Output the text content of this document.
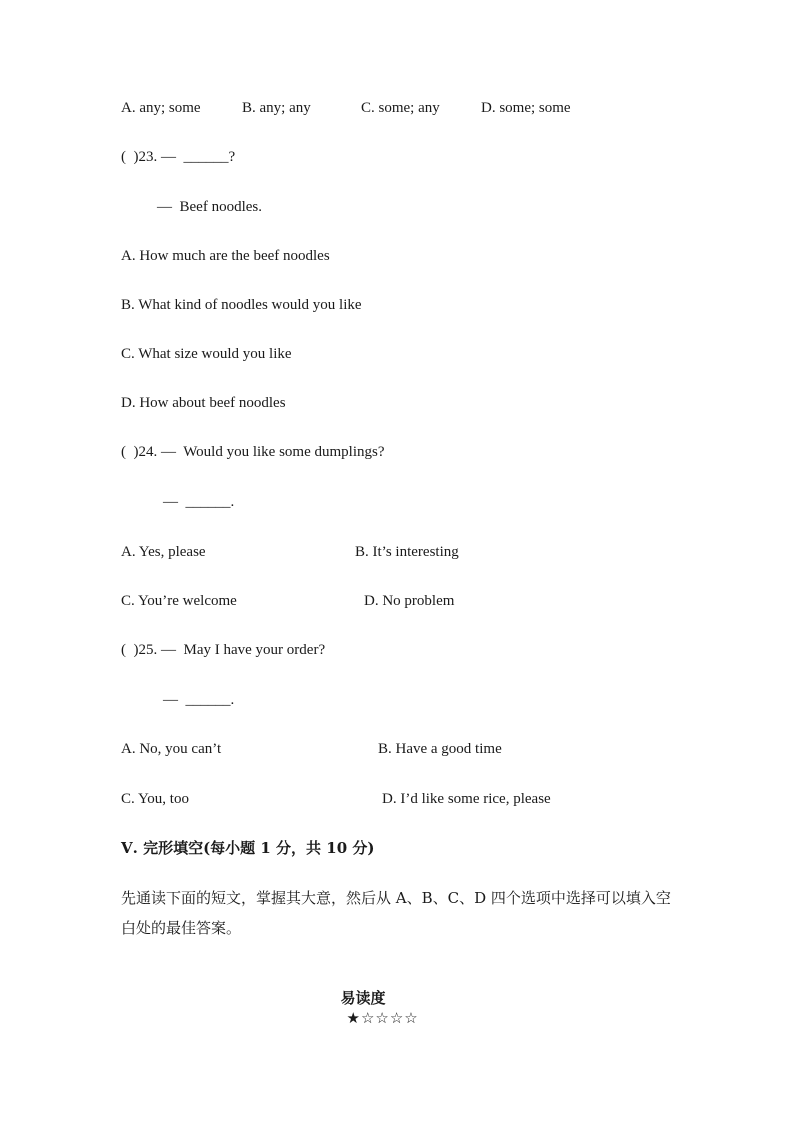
A. any; some	B. any; any	C. some; any	D. some; some
(  )23. —  ______?
—  Beef noodles.
A. How much are the beef noodles
B. What kind of noodles would you like
C. What size would you like
D. How about beef noodles
(  )24. —  Would you like some dumplings?
—  ______.
A. Yes, please	B. It’s interesting
C. You’re welcome	D. No problem
(  )25. —  May I have your order?
—  ______.
A. No, you can’t	B. Have a good time
C. You, too	D. I’d like some rice, please
Ⅴ. 完形填空(每小题 1 分，共 10 分)
先通读下面的短文，掌握其大意，然后从 A、B、C、D 四个选项中选择可以填入空
白处的最佳答案。

易读度
★☆☆☆☆
